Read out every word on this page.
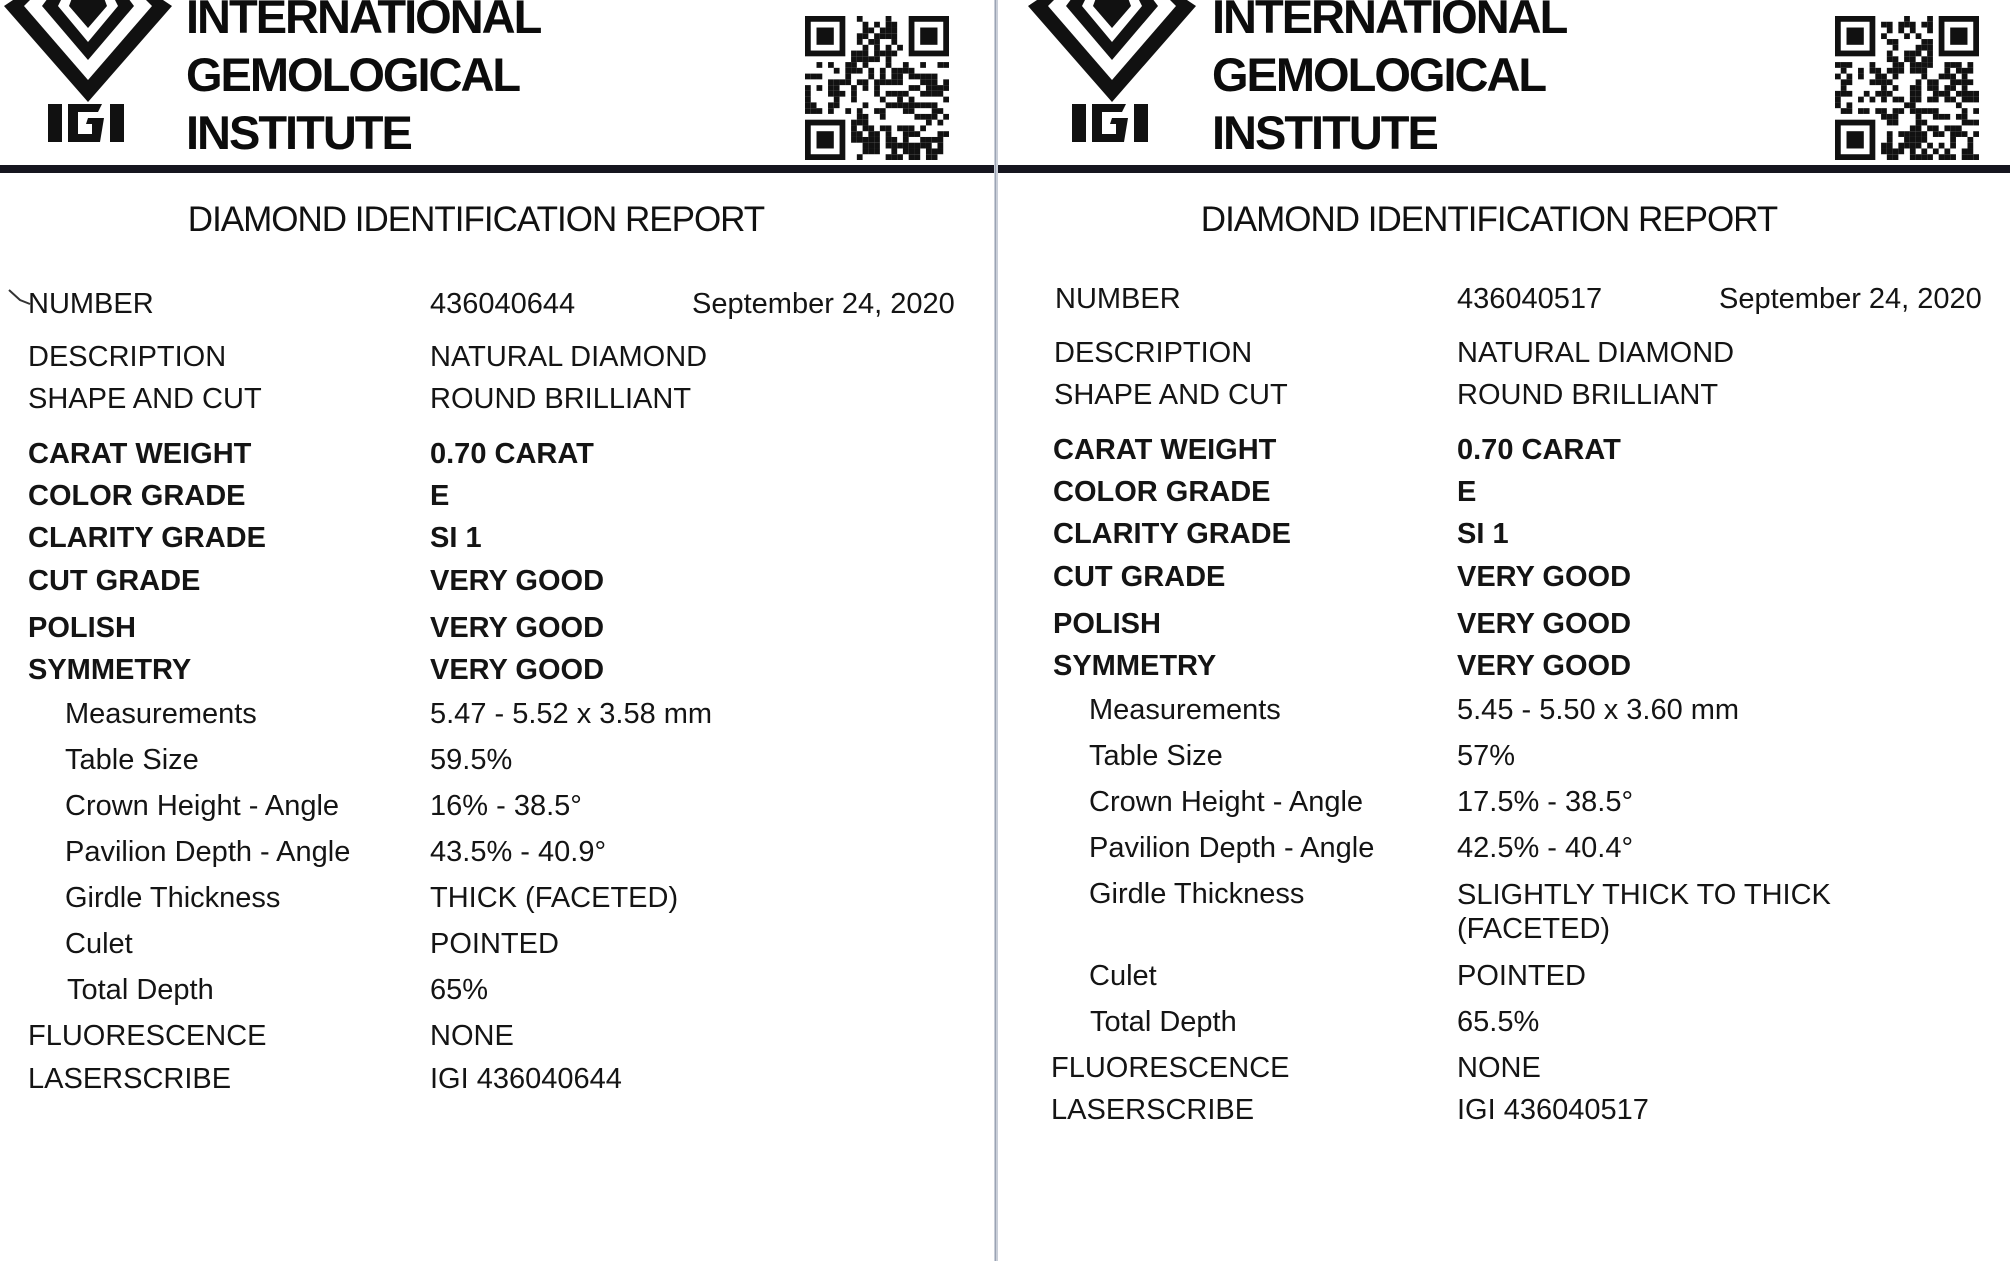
INTERNATIONAL
GEMOLOGICAL
INSTITUTE
DIAMOND IDENTIFICATION REPORT
NUMBER	436040644	September 24, 2020
DESCRIPTION	NATURAL DIAMOND
SHAPE AND CUT	ROUND BRILLIANT
CARAT WEIGHT	0.70 CARAT
COLOR GRADE	E
CLARITY GRADE	SI 1
CUT GRADE	VERY GOOD
POLISH	VERY GOOD
SYMMETRY	VERY GOOD
Measurements	5.47 - 5.52 x 3.58 mm
Table Size	59.5%
Crown Height - Angle	16% - 38.5°
Pavilion Depth - Angle	43.5% - 40.9°
Girdle Thickness	THICK (FACETED)
Culet	POINTED
Total Depth	65%
FLUORESCENCE	NONE
LASERSCRIBE	IGI 436040644
INTERNATIONAL
GEMOLOGICAL
INSTITUTE
DIAMOND IDENTIFICATION REPORT
NUMBER	436040517	September 24, 2020
DESCRIPTION	NATURAL DIAMOND
SHAPE AND CUT	ROUND BRILLIANT
CARAT WEIGHT	0.70 CARAT
COLOR GRADE	E
CLARITY GRADE	SI 1
CUT GRADE	VERY GOOD
POLISH	VERY GOOD
SYMMETRY	VERY GOOD
Measurements	5.45 - 5.50 x 3.60 mm
Table Size	57%
Crown Height - Angle	17.5% - 38.5°
Pavilion Depth - Angle	42.5% - 40.4°
Girdle Thickness	SLIGHTLY THICK TO THICK
(FACETED)
Culet	POINTED
Total Depth	65.5%
FLUORESCENCE	NONE
LASERSCRIBE	IGI 436040517
